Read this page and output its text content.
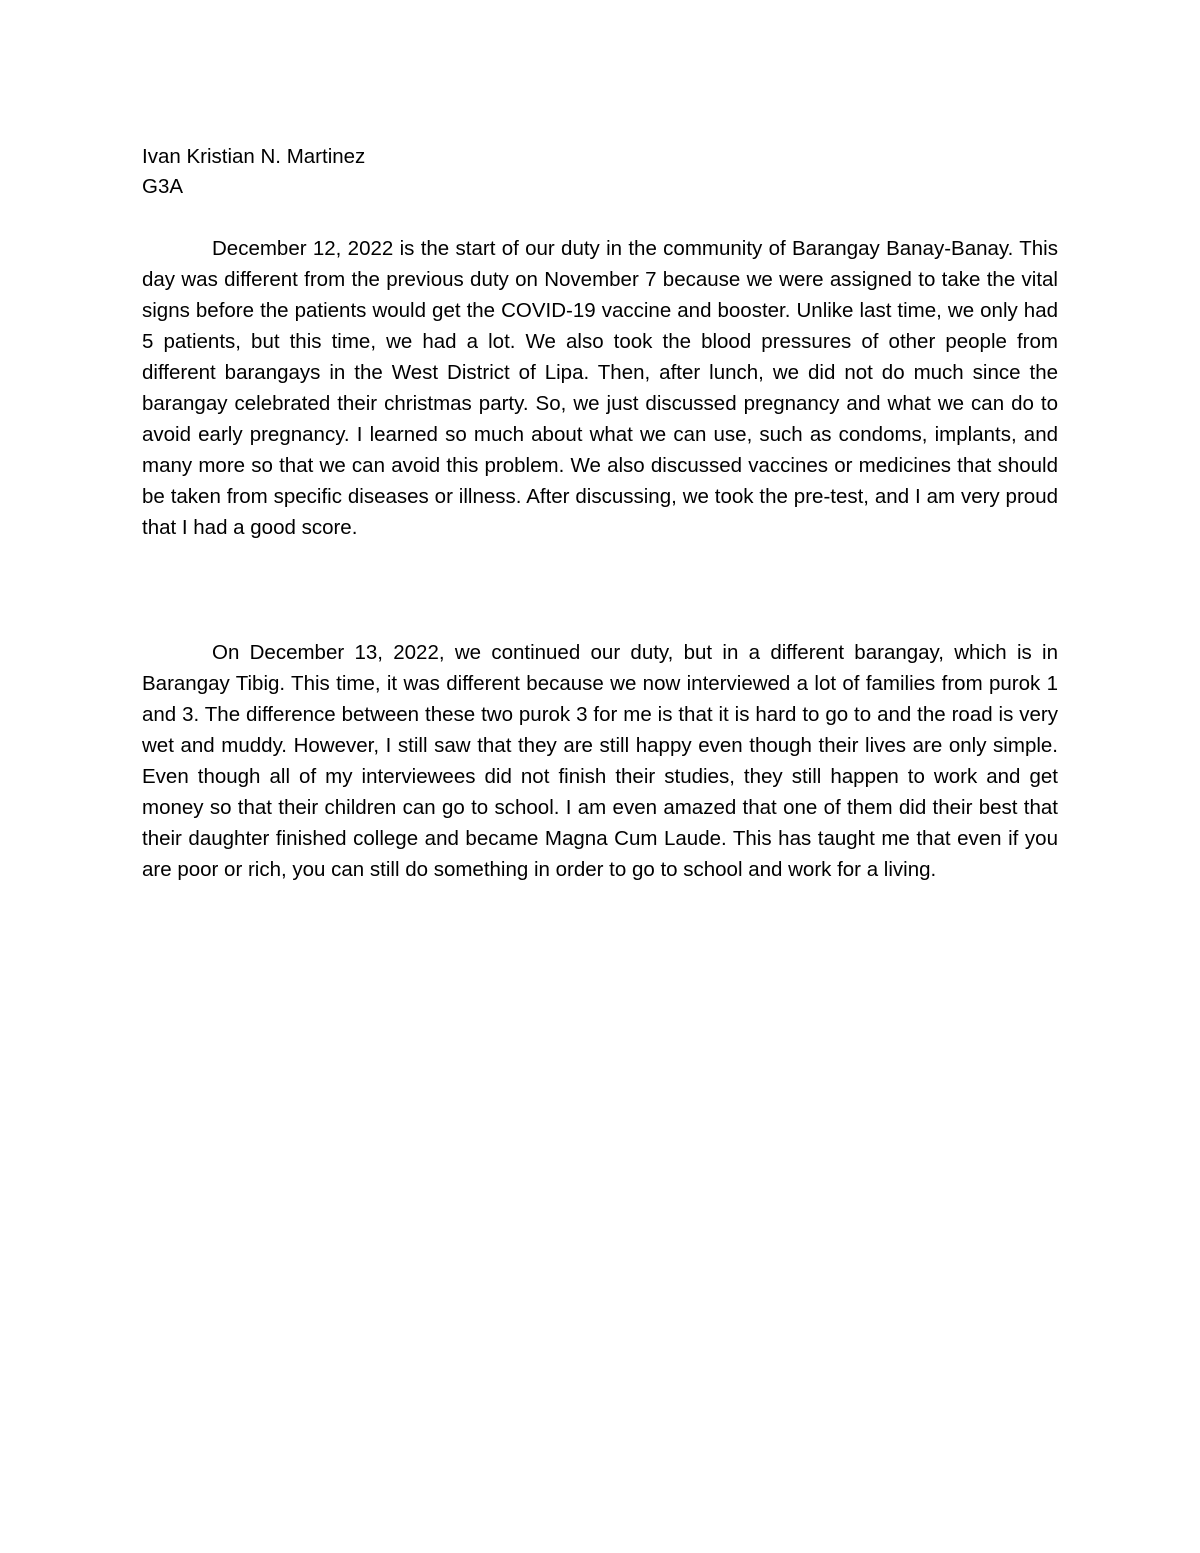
Ivan Kristian N. Martinez
G3A

December 12, 2022 is the start of our duty in the community of Barangay Banay-Banay. This day was different from the previous duty on November 7 because we were assigned to take the vital signs before the patients would get the COVID-19 vaccine and booster. Unlike last time, we only had 5 patients, but this time, we had a lot. We also took the blood pressures of other people from different barangays in the West District of Lipa. Then, after lunch, we did not do much since the barangay celebrated their christmas party. So, we just discussed pregnancy and what we can do to avoid early pregnancy. I learned so much about what we can use, such as condoms, implants, and many more so that we can avoid this problem. We also discussed vaccines or medicines that should be taken from specific diseases or illness. After discussing, we took the pre-test, and I am very proud that I had a good score.

On December 13, 2022, we continued our duty, but in a different barangay, which is in Barangay Tibig. This time, it was different because we now interviewed a lot of families from purok 1 and 3. The difference between these two purok 3 for me is that it is hard to go to and the road is very wet and muddy. However, I still saw that they are still happy even though their lives are only simple. Even though all of my interviewees did not finish their studies, they still happen to work and get money so that their children can go to school. I am even amazed that one of them did their best that their daughter finished college and became Magna Cum Laude. This has taught me that even if you are poor or rich, you can still do something in order to go to school and work for a living.
